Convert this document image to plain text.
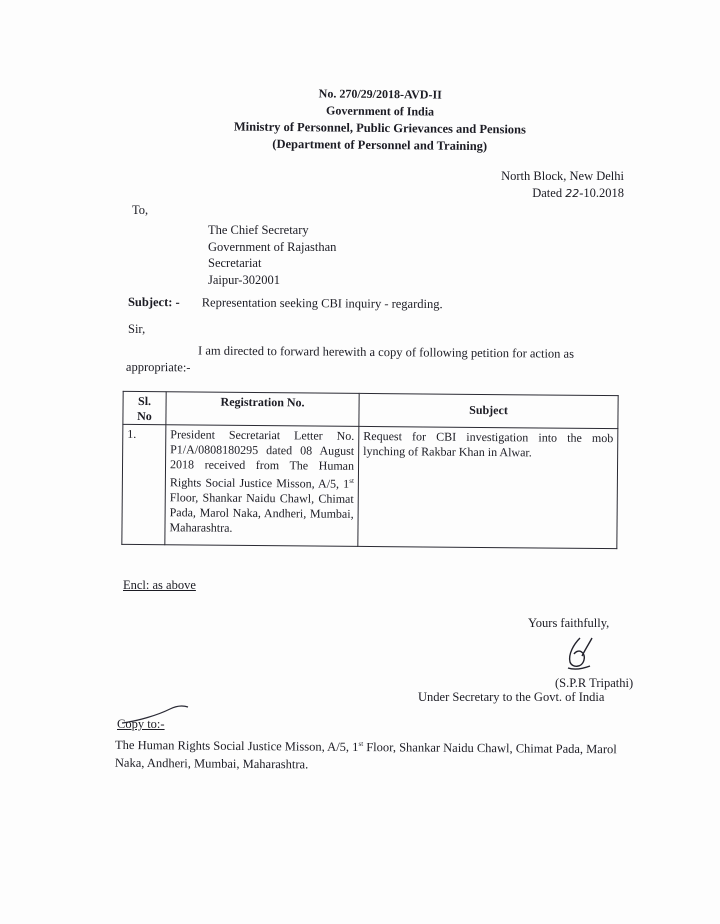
No. 270/29/2018-AVD-II
Government of India
Ministry of Personnel, Public Grievances and Pensions
(Department of Personnel and Training)
North Block, New Delhi
Dated 22-10.2018
To,
The Chief Secretary
Government of Rajasthan
Secretariat
Jaipur-302001
Subject: - Representation seeking CBI inquiry - regarding.
Sir,
I am directed to forward herewith a copy of following petition for action as
appropriate:-
Sl.
No	Registration No.	Subject

1.	President Secretariat Letter No. P1/A/0808180295 dated 08 August 2018 received from The Human Rights Social Justice Misson, A/5, 1st Floor, Shankar Naidu Chawl, Chimat Pada, Marol Naka, Andheri, Mumbai, Maharashtra.	Request for CBI investigation into the mob lynching of Rakbar Khan in Alwar.
Encl: as above
Yours faithfully,
(S.P.R Tripathi)
Under Secretary to the Govt. of India
Copy to:-
The Human Rights Social Justice Misson, A/5, 1st Floor, Shankar Naidu Chawl, Chimat Pada, Marol Naka, Andheri, Mumbai, Maharashtra.
